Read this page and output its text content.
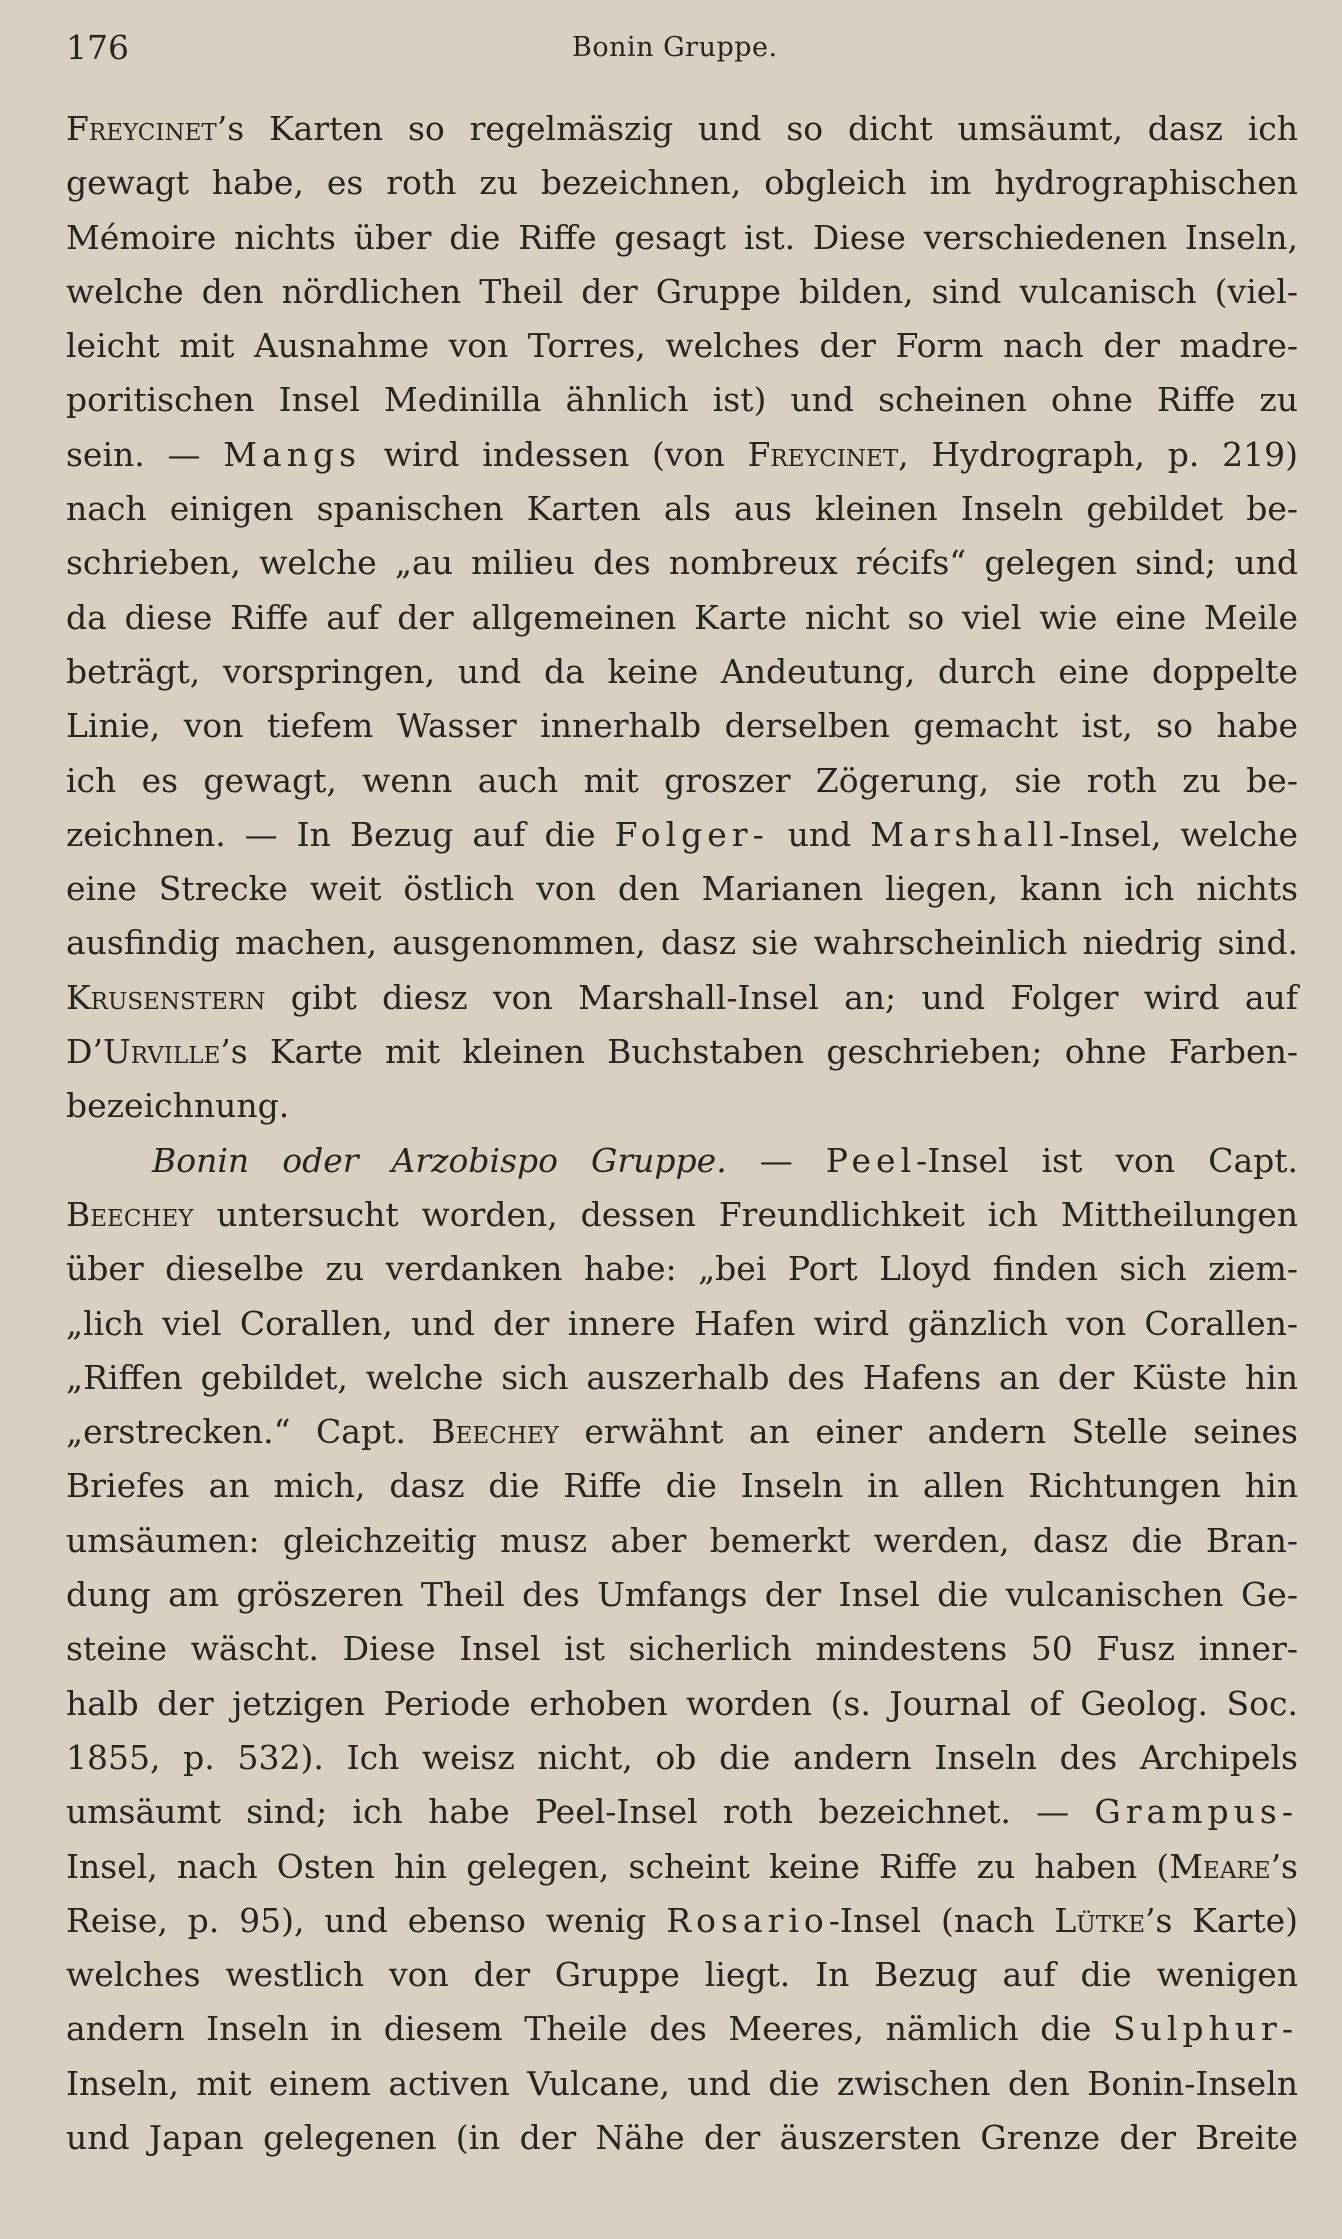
176	Bonin Gruppe.
Freycinet’s Karten so regelmäszig und so dicht umsäumt, dasz ich
gewagt habe, es roth zu bezeichnen, obgleich im hydrographischen
Mémoire nichts über die Riffe gesagt ist. Diese verschiedenen Inseln,
welche den nördlichen Theil der Gruppe bilden, sind vulcanisch (viel-
leicht mit Ausnahme von Torres, welches der Form nach der madre-
poritischen Insel Medinilla ähnlich ist) und scheinen ohne Riffe zu
sein. — Mangs wird indessen (von Freycinet, Hydrograph, p. 219)
nach einigen spanischen Karten als aus kleinen Inseln gebildet be-
schrieben, welche „au milieu des nombreux récifs“ gelegen sind; und
da diese Riffe auf der allgemeinen Karte nicht so viel wie eine Meile
beträgt, vorspringen, und da keine Andeutung, durch eine doppelte
Linie, von tiefem Wasser innerhalb derselben gemacht ist, so habe
ich es gewagt, wenn auch mit groszer Zögerung, sie roth zu be-
zeichnen. — In Bezug auf die Folger- und Marshall-Insel, welche
eine Strecke weit östlich von den Marianen liegen, kann ich nichts
ausfindig machen, ausgenommen, dasz sie wahrscheinlich niedrig sind.
Krusenstern gibt diesz von Marshall-Insel an; und Folger wird auf
D’Urville’s Karte mit kleinen Buchstaben geschrieben; ohne Farben-
bezeichnung.
Bonin oder Arzobispo Gruppe. — Peel-Insel ist von Capt.
Beechey untersucht worden, dessen Freundlichkeit ich Mittheilungen
über dieselbe zu verdanken habe: „bei Port Lloyd finden sich ziem-
„lich viel Corallen, und der innere Hafen wird gänzlich von Corallen-
„Riffen gebildet, welche sich auszerhalb des Hafens an der Küste hin
„erstrecken.“ Capt. Beechey erwähnt an einer andern Stelle seines
Briefes an mich, dasz die Riffe die Inseln in allen Richtungen hin
umsäumen: gleichzeitig musz aber bemerkt werden, dasz die Bran-
dung am gröszeren Theil des Umfangs der Insel die vulcanischen Ge-
steine wäscht. Diese Insel ist sicherlich mindestens 50 Fusz inner-
halb der jetzigen Periode erhoben worden (s. Journal of Geolog. Soc.
1855, p. 532). Ich weisz nicht, ob die andern Inseln des Archipels
umsäumt sind; ich habe Peel-Insel roth bezeichnet. — Grampus-
Insel, nach Osten hin gelegen, scheint keine Riffe zu haben (Meare’s
Reise, p. 95), und ebenso wenig Rosario-Insel (nach Lütke’s Karte)
welches westlich von der Gruppe liegt. In Bezug auf die wenigen
andern Inseln in diesem Theile des Meeres, nämlich die Sulphur-
Inseln, mit einem activen Vulcane, und die zwischen den Bonin-Inseln
und Japan gelegenen (in der Nähe der äuszersten Grenze der Breite
